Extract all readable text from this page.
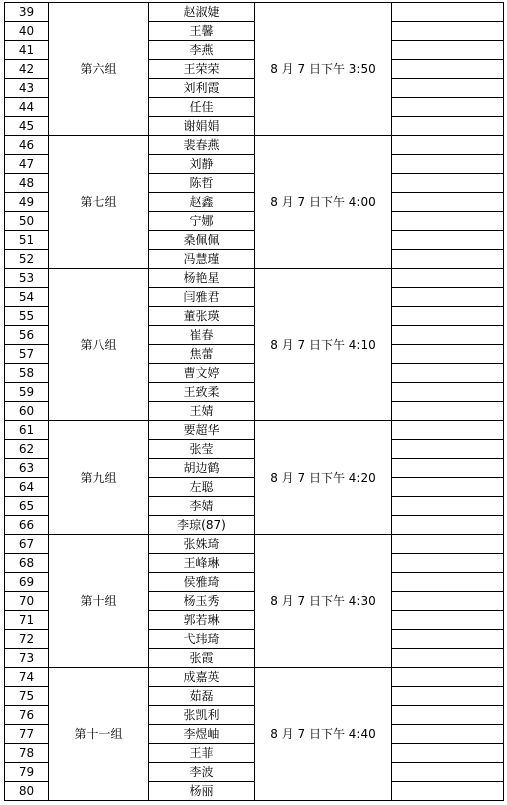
39	第六组	赵淑婕	8 月 7 日下午 3:50	
40		王馨		
41		李燕		
42		王荣荣		
43		刘利霞		
44		任佳		
45		谢娟娟		
46	第七组	裴春燕	8 月 7 日下午 4:00	
47		刘静		
48		陈哲		
49		赵鑫		
50		宁娜		
51		桑佩佩		
52		冯慧瑾		
53	第八组	杨艳星	8 月 7 日下午 4:10	
54		闫雅君		
55		董张瑛		
56		崔春		
57		焦蕾		
58		曹文婷		
59		王致柔		
60		王婧		
61	第九组	要超华	8 月 7 日下午 4:20	
62		张莹		
63		胡边鹤		
64		左聪		
65		李婧		
66		李琼(87)		
67	第十组	张姝琦	8 月 7 日下午 4:30	
68		王峰琳		
69		侯雅琦		
70		杨玉秀		
71		郭若琳		
72		弋玮琦		
73		张霞		
74	第十一组	成嘉英	8 月 7 日下午 4:40	
75		茹磊		
76		张凯利		
77		李煜岫		
78		王菲		
79		李波		
80		杨丽		
